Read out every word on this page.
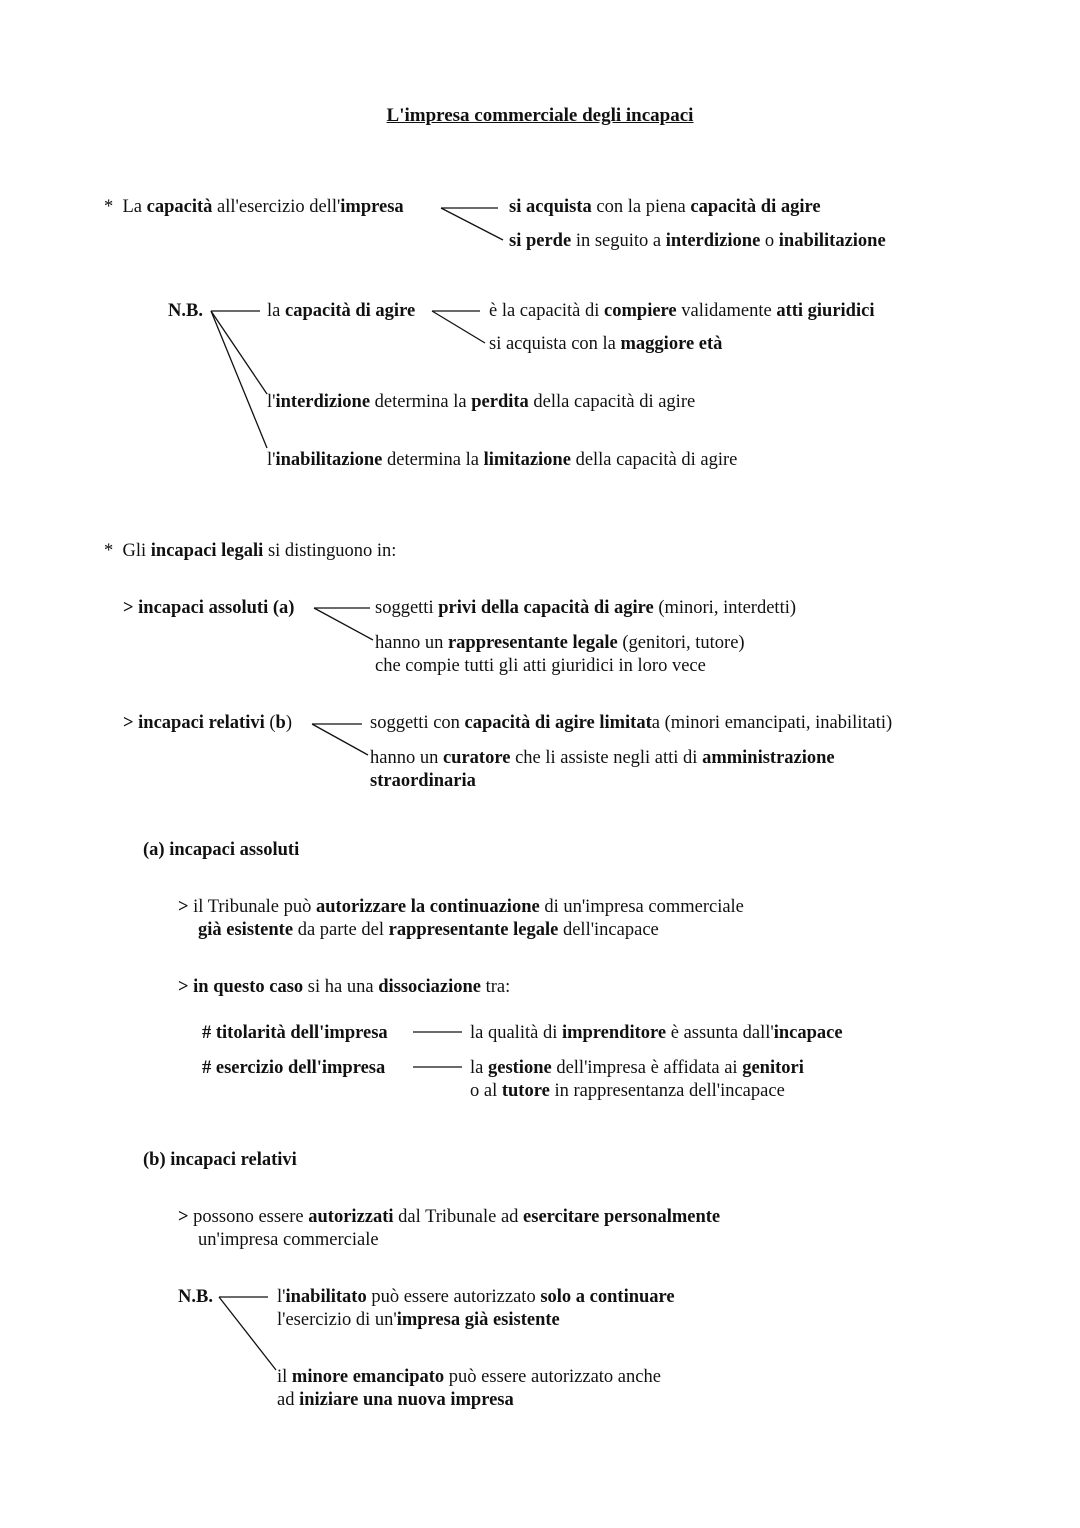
L'impresa commerciale degli incapaci
* La capacità all'esercizio dell'impresa	si acquista con la piena capacità di agire
si perde in seguito a interdizione o inabilitazione
N.B.	la capacità di agire	è la capacità di compiere validamente atti giuridici
si acquista con la maggiore età
l'interdizione determina la perdita della capacità di agire
l'inabilitazione determina la limitazione della capacità di agire
* Gli incapaci legali si distinguono in:
> incapaci assoluti (a)	soggetti privi della capacità di agire (minori, interdetti)
hanno un rappresentante legale (genitori, tutore)
che compie tutti gli atti giuridici in loro vece
> incapaci relativi (b)	soggetti con capacità di agire limitata (minori emancipati, inabilitati)
hanno un curatore che li assiste negli atti di amministrazione
straordinaria
(a) incapaci assoluti
> il Tribunale può autorizzare la continuazione di un'impresa commerciale
già esistente da parte del rappresentante legale dell'incapace
> in questo caso si ha una dissociazione tra:
# titolarità dell'impresa	la qualità di imprenditore è assunta dall'incapace
# esercizio dell'impresa	la gestione dell'impresa è affidata ai genitori
o al tutore in rappresentanza dell'incapace
(b) incapaci relativi
> possono essere autorizzati dal Tribunale ad esercitare personalmente
un'impresa commerciale
N.B.	l'inabilitato può essere autorizzato solo a continuare
l'esercizio di un'impresa già esistente
il minore emancipato può essere autorizzato anche
ad iniziare una nuova impresa
